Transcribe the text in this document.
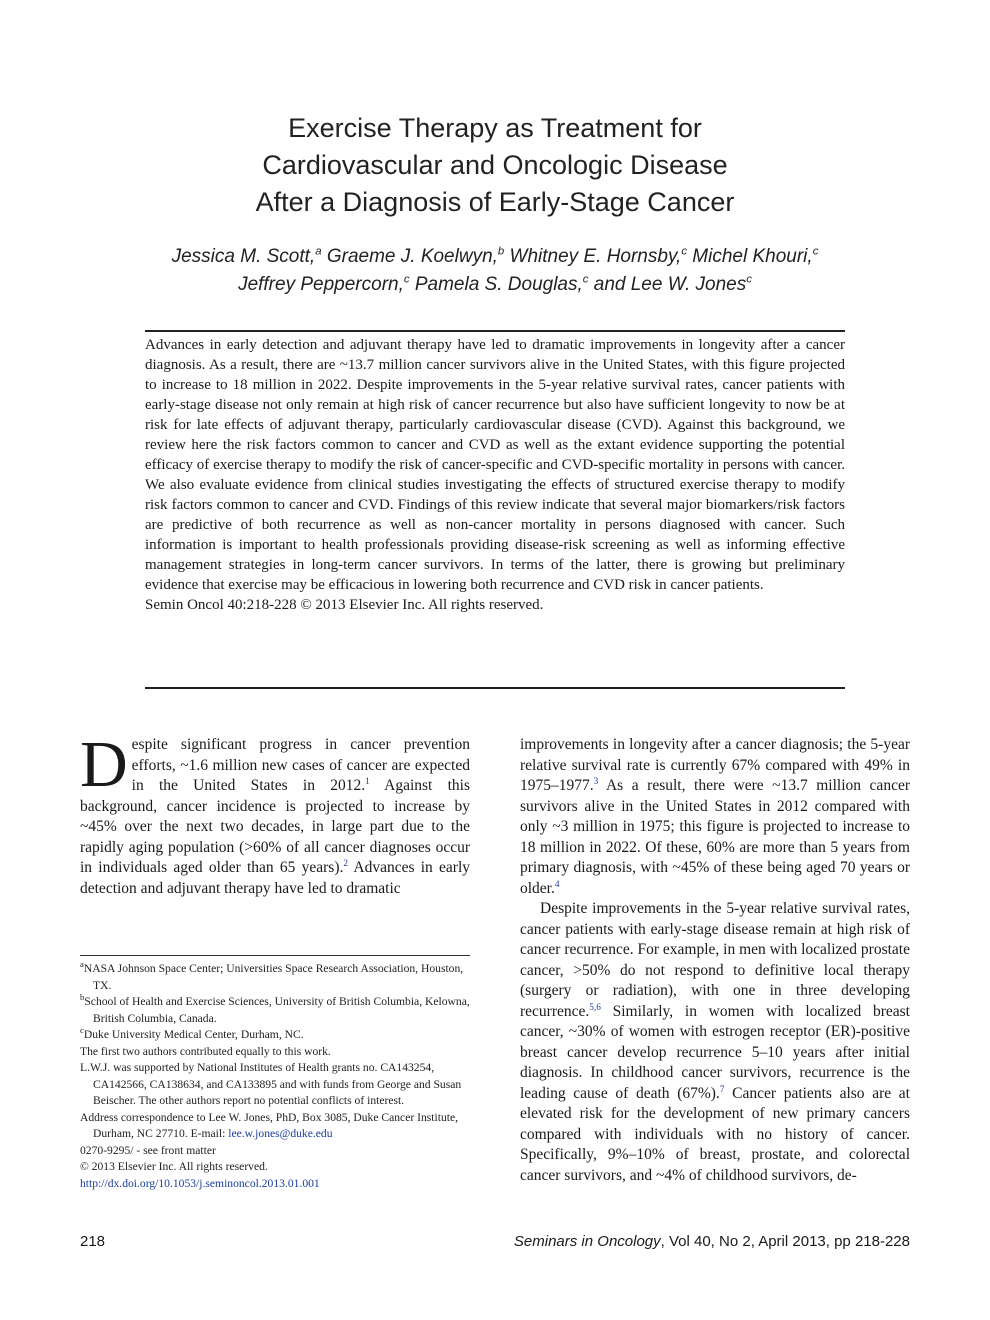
Exercise Therapy as Treatment for
Cardiovascular and Oncologic Disease
After a Diagnosis of Early-Stage Cancer
Jessica M. Scott,$^a$ Graeme J. Koelwyn,$^b$ Whitney E. Hornsby,$^c$ Michel Khouri,$^c$
Jeffrey Peppercorn,$^c$ Pamela S. Douglas,$^c$ and Lee W. Jones$^c$
Advances in early detection and adjuvant therapy have led to dramatic improvements in longevity after a cancer diagnosis. As a result, there are ~13.7 million cancer survivors alive in the United States, with this figure projected to increase to 18 million in 2022. Despite improvements in the 5-year relative survival rates, cancer patients with early-stage disease not only remain at high risk of cancer recurrence but also have sufficient longevity to now be at risk for late effects of adjuvant therapy, particularly cardiovascular disease (CVD). Against this background, we review here the risk factors common to cancer and CVD as well as the extant evidence supporting the potential efficacy of exercise therapy to modify the risk of cancer-specific and CVD-specific mortality in persons with cancer. We also evaluate evidence from clinical studies investigating the effects of structured exercise therapy to modify risk factors common to cancer and CVD. Findings of this review indicate that several major biomarkers/risk factors are predictive of both recurrence as well as non-cancer mortality in persons diagnosed with cancer. Such information is important to health professionals providing disease-risk screening as well as informing effective management strategies in long-term cancer survivors. In terms of the latter, there is growing but preliminary evidence that exercise may be efficacious in lowering both recurrence and CVD risk in cancer patients.
Semin Oncol 40:218-228 © 2013 Elsevier Inc. All rights reserved.

Despite significant progress in cancer prevention efforts, ~1.6 million new cases of cancer are expected in the United States in 2012.$^1$ Against this background, cancer incidence is projected to increase by ~45% over the next two decades, in large part due to the rapidly aging population (>60% of all cancer diagnoses occur in individuals aged older than 65 years).$^2$ Advances in early detection and adjuvant therapy have led to dramatic

$^a$NASA Johnson Space Center; Universities Space Research Association, Houston, TX.

$^b$School of Health and Exercise Sciences, University of British Columbia, Kelowna, British Columbia, Canada.

$^c$Duke University Medical Center, Durham, NC.

The first two authors contributed equally to this work.

L.W.J. was supported by National Institutes of Health grants no. CA143254, CA142566, CA138634, and CA133895 and with funds from George and Susan Beischer. The other authors report no potential conflicts of interest.

Address correspondence to Lee W. Jones, PhD, Box 3085, Duke Cancer Institute, Durham, NC 27710. E-mail: lee.w.jones@duke.edu

0270-9295/ - see front matter

© 2013 Elsevier Inc. All rights reserved.

http://dx.doi.org/10.1053/j.seminoncol.2013.01.001

improvements in longevity after a cancer diagnosis; the 5-year relative survival rate is currently 67% compared with 49% in 1975–1977.$^3$ As a result, there were ~13.7 million cancer survivors alive in the United States in 2012 compared with only ~3 million in 1975; this figure is projected to increase to 18 million in 2022. Of these, 60% are more than 5 years from primary diagnosis, with ~45% of these being aged 70 years or older.$^4$

Despite improvements in the 5-year relative survival rates, cancer patients with early-stage disease remain at high risk of cancer recurrence. For example, in men with localized prostate cancer, >50% do not respond to definitive local therapy (surgery or radiation), with one in three developing recurrence.$^{5,6}$ Similarly, in women with localized breast cancer, ~30% of women with estrogen receptor (ER)-positive breast cancer develop recurrence 5–10 years after initial diagnosis. In childhood cancer survivors, recurrence is the leading cause of death (67%).$^7$ Cancer patients also are at elevated risk for the development of new primary cancers compared with individuals with no history of cancer. Specifically, 9%–10% of breast, prostate, and colorectal cancer survivors, and ~4% of childhood survivors, de-

218	Seminars in Oncology, Vol 40, No 2, April 2013, pp 218-228
